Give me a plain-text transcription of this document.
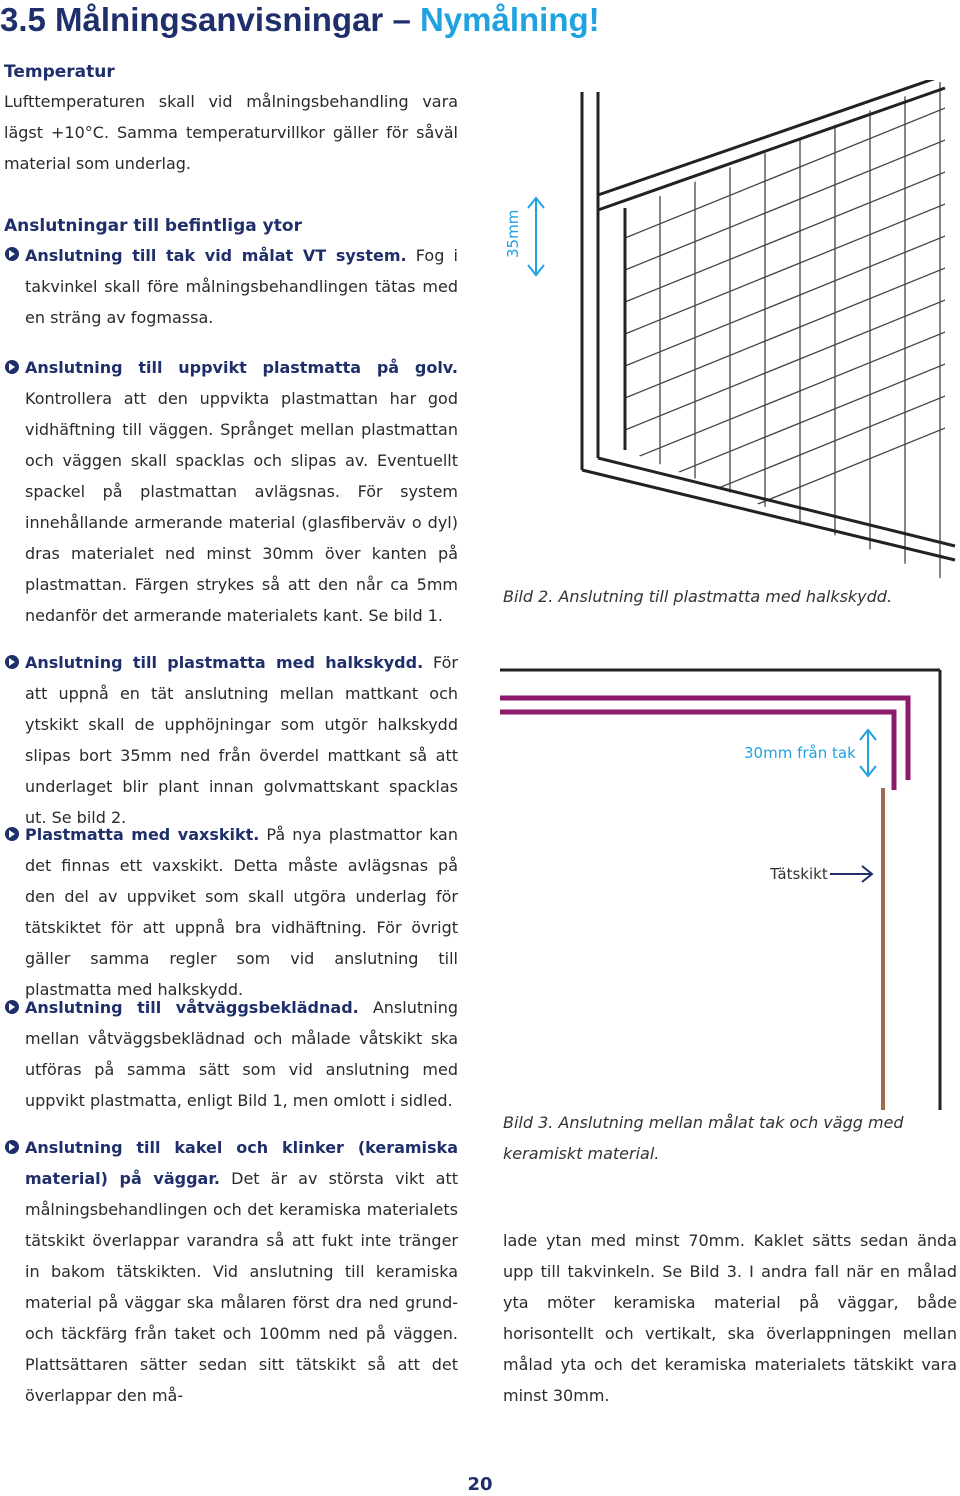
3.5 Målningsanvisningar – Nymålning!
Temperatur

Lufttemperaturen skall vid målningsbehandling vara lägst +10°C. Samma temperaturvillkor gäller för såväl material som underlag.

Anslutningar till befintliga ytor

Anslutning till tak vid målat VT system. Fog i takvinkel skall före målningsbehandlingen tätas med en sträng av fogmassa.

Anslutning till uppvikt plastmatta på golv. Kontrollera att den uppvikta plastmattan har god vidhäftning till väggen. Språnget mellan plastmattan och väggen skall spacklas och slipas av. Eventuellt spackel på plastmattan avlägsnas. För system innehållande armerande material (glasfiberväv o dyl) dras materialet ned minst 30mm över kanten på plastmattan. Färgen strykes så att den når ca 5mm nedanför det armerande materialets kant. Se bild 1.

Anslutning till plastmatta med halkskydd. För att uppnå en tät anslutning mellan mattkant och ytskikt skall de upphöjningar som utgör halkskydd slipas bort 35mm ned från överdel mattkant så att underlaget blir plant innan golvmattskant spacklas ut. Se bild 2.

Plastmatta med vaxskikt. På nya plastmattor kan det finnas ett vaxskikt. Detta måste avlägsnas på den del av uppviket som skall utgöra underlag för tätskiktet för att uppnå bra vidhäftning. För övrigt gäller samma regler som vid anslutning till plastmatta med halkskydd.

Anslutning till våtväggsbeklädnad. Anslutning mellan våtväggsbeklädnad och målade våtskikt ska utföras på samma sätt som vid anslutning med uppvikt plastmatta, enligt Bild 1, men omlott i sidled.

Anslutning till kakel och klinker (keramiska material) på väggar. Det är av största vikt att målningsbehandlingen och det keramiska materialets tätskikt överlappar varandra så att fukt inte tränger in bakom tätskikten. Vid anslutning till keramiska material på väggar ska målaren först dra ned grund- och täckfärg från taket och 100mm ned på väggen. Plattsättaren sätter sedan sitt tätskikt så att det överlappar den må-

35mm

Bild 2. Anslutning till plastmatta med halkskydd.

30mm från tak
Tätskikt

Bild 3. Anslutning mellan målat tak och vägg med keramiskt material.

lade ytan med minst 70mm. Kaklet sätts sedan ända upp till takvinkeln. Se Bild 3. I andra fall när en målad yta möter keramiska material på väggar, både horisontellt och vertikalt, ska överlappningen mellan målad yta och det keramiska materialets tätskikt vara minst 30mm.

20
